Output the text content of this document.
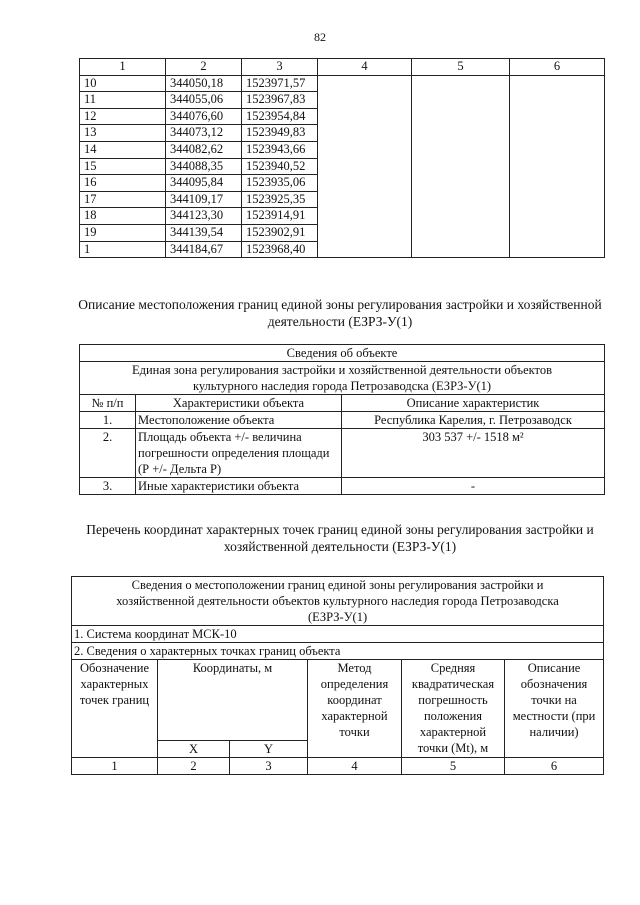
82
1	2	3	4	5	6
10	344050,18	1523971,57			
11	344055,06	1523967,83			
12	344076,60	1523954,84			
13	344073,12	1523949,83			
14	344082,62	1523943,66			
15	344088,35	1523940,52			
16	344095,84	1523935,06			
17	344109,17	1523925,35			
18	344123,30	1523914,91			
19	344139,54	1523902,91			
1	344184,67	1523968,40			
Описание местоположения границ единой зоны регулирования застройки и хозяйственной деятельности (ЕЗРЗ-У(1)
Сведения об объекте		
Единая зона регулирования застройки и хозяйственной деятельности объектов культурного наследия города Петрозаводска (ЕЗРЗ-У(1)		
№ п/п	Характеристики объекта	Описание характеристик
1.	Местоположение объекта	Республика Карелия, г. Петрозаводск
2.	Площадь объекта +/- величина погрешности определения площади (Р +/- Дельта Р)	303 537 +/- 1518 м²
3.	Иные характеристики объекта	-
Перечень координат характерных точек границ единой зоны регулирования застройки и хозяйственной деятельности (ЕЗРЗ-У(1)
Сведения о местоположении границ единой зоны регулирования застройки и хозяйственной деятельности объектов культурного наследия города Петрозаводска (ЕЗРЗ-У(1)					
1. Система координат МСК-10					
2. Сведения о характерных точках границ объекта					
Обозначение характерных точек границ	Координаты, м		Метод определения координат характерной точки	Средняя квадратическая погрешность положения характерной точки (Mt), м	Описание обозначения точки на местности (при наличии)
	X	Y			
1	2	3	4	5	6
